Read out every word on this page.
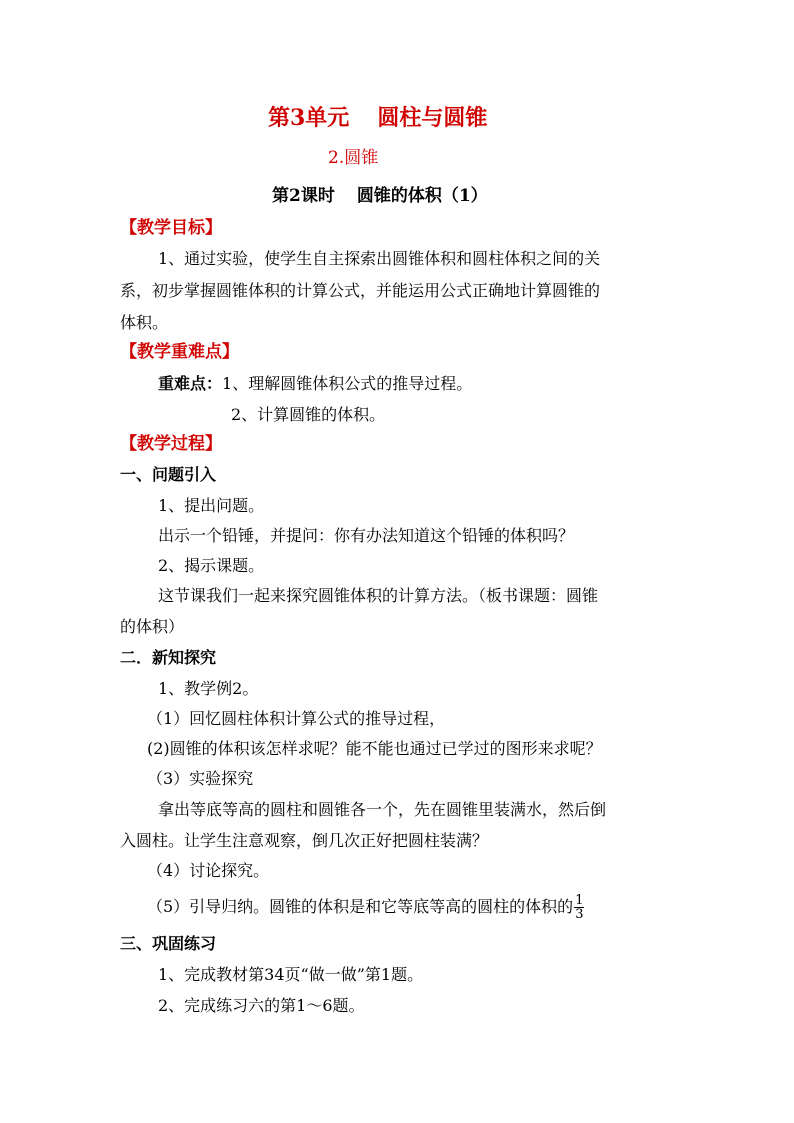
第3单元 圆柱与圆锥
2.圆锥
第2课时 圆锥的体积（1）
【教学目标】
1、通过实验，使学生自主探索出圆锥体积和圆柱体积之间的关
系，初步掌握圆锥体积的计算公式，并能运用公式正确地计算圆锥的
体积。
【教学重难点】
重难点：1、理解圆锥体积公式的推导过程。
2、计算圆锥的体积。
【教学过程】
一、问题引入
1、提出问题。
出示一个铅锤，并提问：你有办法知道这个铅锤的体积吗？
2、揭示课题。
这节课我们一起来探究圆锥体积的计算方法。（板书课题：圆锥
的体积）
二．新知探究
1、教学例2。
（1）回忆圆柱体积计算公式的推导过程，
(2)圆锥的体积该怎样求呢？能不能也通过已学过的图形来求呢？
（3）实验探究
拿出等底等高的圆柱和圆锥各一个，先在圆锥里装满水，然后倒
入圆柱。让学生注意观察，倒几次正好把圆柱装满？
（4）讨论探究。
（5）引导归纳。圆锥的体积是和它等底等高的圆柱的体积的 $\frac{1}{3}$
三、巩固练习
1、完成教材第34页“做一做”第1题。
2、完成练习六的第1～6题。
